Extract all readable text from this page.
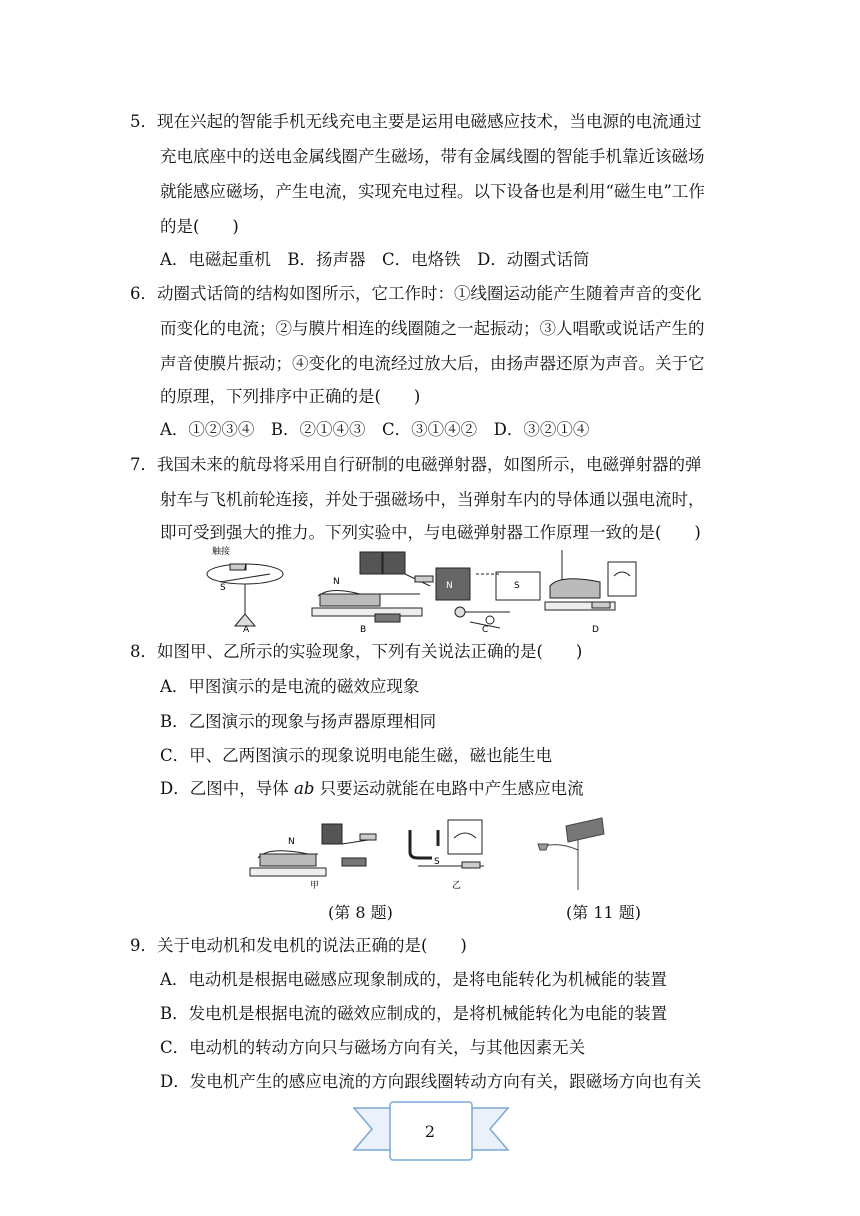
5．现在兴起的智能手机无线充电主要是运用电磁感应技术，当电源的电流通过
充电底座中的送电金属线圈产生磁场，带有金属线圈的智能手机靠近该磁场
就能感应磁场，产生电流，实现充电过程。以下设备也是利用“磁生电”工作
的是(　　)
A．电磁起重机　B．扬声器　C．电烙铁　D．动圈式话筒
6．动圈式话筒的结构如图所示，它工作时：①线圈运动能产生随着声音的变化
而变化的电流；②与膜片相连的线圈随之一起振动；③人唱歌或说话产生的
声音使膜片振动；④变化的电流经过放大后，由扬声器还原为声音。关于它
的原理，下列排序中正确的是(　　)
A．①②③④　B．②①④③　C．③①④②　D．③②①④
7．我国未来的航母将采用自行研制的电磁弹射器，如图所示，电磁弹射器的弹
射车与飞机前轮连接，并处于强磁场中，当弹射车内的导体通以强电流时，
即可受到强大的推力。下列实验中，与电磁弹射器工作原理一致的是(　　)
触接
S
I
N	N	S
A	B	C	D
8．如图甲、乙所示的实验现象，下列有关说法正确的是(　　)
A．甲图演示的是电流的磁效应现象
B．乙图演示的现象与扬声器原理相同
C．甲、乙两图演示的现象说明电能生磁，磁也能生电
D．乙图中，导体 ab 只要运动就能在电路中产生感应电流
N
甲
S
乙
(第 8 题)	(第 11 题)
9．关于电动机和发电机的说法正确的是(　　)
A．电动机是根据电磁感应现象制成的，是将电能转化为机械能的装置
B．发电机是根据电流的磁效应制成的，是将机械能转化为电能的装置
C．电动机的转动方向只与磁场方向有关，与其他因素无关
D．发电机产生的感应电流的方向跟线圈转动方向有关，跟磁场方向也有关
2
